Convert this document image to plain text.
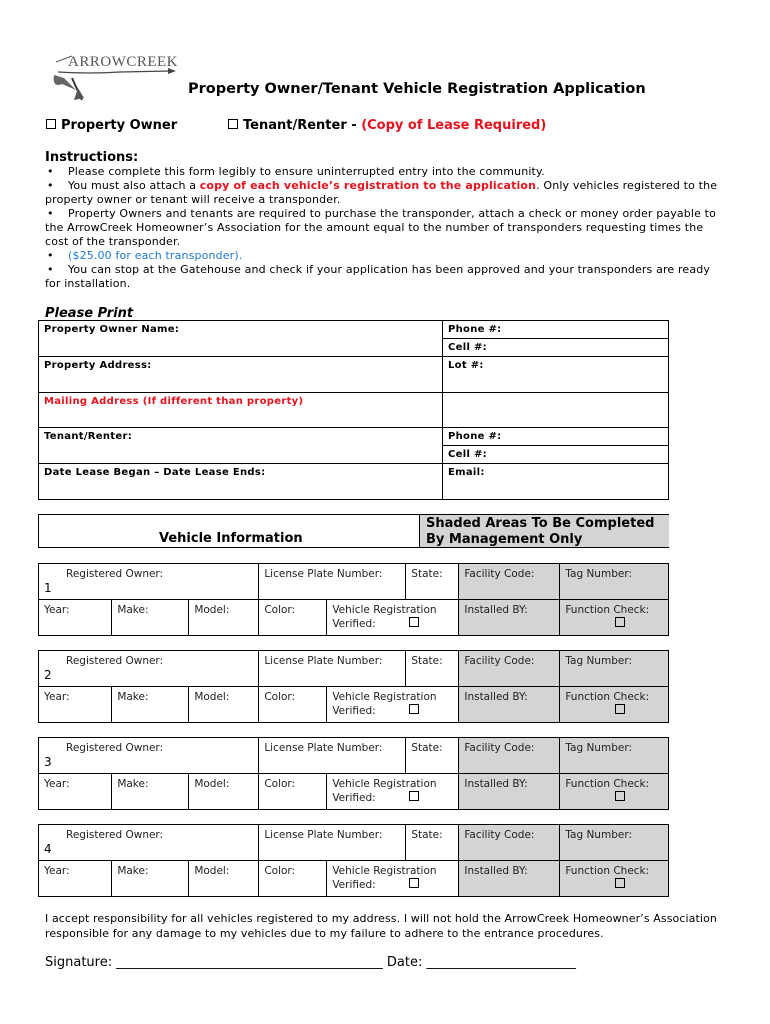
ARROWCREEK
Property Owner/Tenant Vehicle Registration Application
Property Owner	Tenant/Renter - (Copy of Lease Required)
Instructions:

• Please complete this form legibly to ensure uninterrupted entry into the community.

• You must also attach a copy of each vehicle’s registration to the application. Only vehicles registered to the property owner or tenant will receive a transponder.

• Property Owners and tenants are required to purchase the transponder, attach a check or money order payable to the ArrowCreek Homeowner’s Association for the amount equal to the number of transponders requesting times the cost of the transponder.

• ($25.00 for each transponder).

• You can stop at the Gatehouse and check if your application has been approved and your transponders are ready for installation.

Please Print
Property Owner Name:	Phone #:
	Cell #:
Property Address:	Lot #:
Mailing Address (If different than property)	
Tenant/Renter:	Phone #:
	Cell #:
Date Lease Began – Date Lease Ends:	Email:
Vehicle Information
Shaded Areas To Be Completed By Management Only
Registered Owner:			License Plate Number:		State:	Facility Code:	Tag Number:
Year:	Make:	Model:	Color:	Vehicle Registration
Verified:		Installed BY:	Function Check:

1
Registered Owner:			License Plate Number:		State:	Facility Code:	Tag Number:
Year:	Make:	Model:	Color:	Vehicle Registration
Verified:		Installed BY:	Function Check:

2
Registered Owner:			License Plate Number:		State:	Facility Code:	Tag Number:
Year:	Make:	Model:	Color:	Vehicle Registration
Verified:		Installed BY:	Function Check:

3
Registered Owner:			License Plate Number:		State:	Facility Code:	Tag Number:
Year:	Make:	Model:	Color:	Vehicle Registration
Verified:		Installed BY:	Function Check:

4
I accept responsibility for all vehicles registered to my address. I will not hold the ArrowCreek Homeowner’s Association responsible for any damage to my vehicles due to my failure to adhere to the entrance procedures.
Signature: _________________________________________ Date: _______________________
